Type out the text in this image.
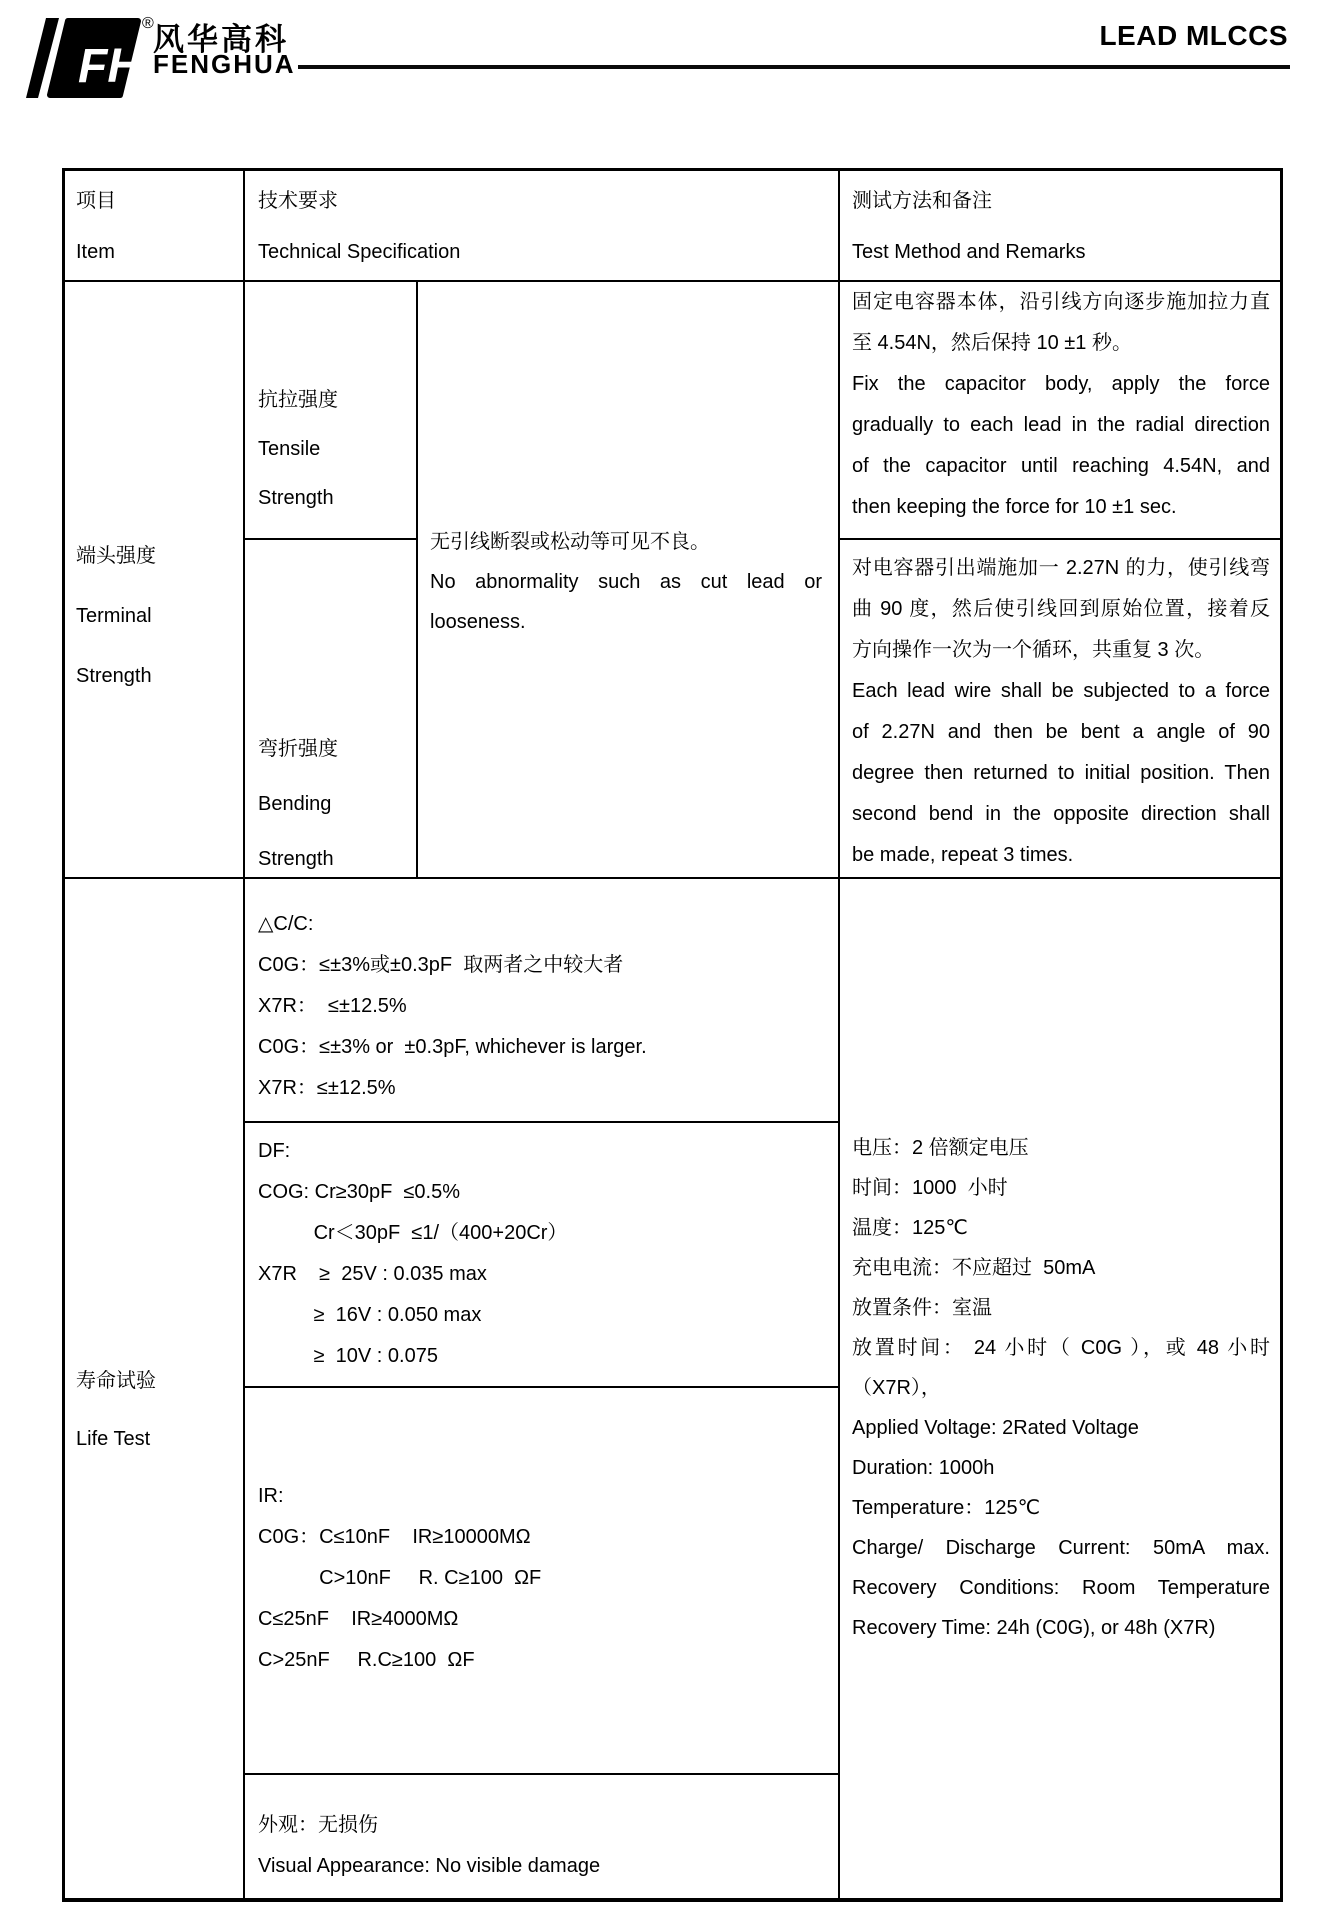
FH
® 风华高科
FENGHUA
LEAD MLCCS
项目
Item
技术要求
Technical Specification
测试方法和备注
Test Method and Remarks
端头强度
Terminal
Strength
抗拉强度
Tensile
Strength
弯折强度
Bending
Strength
无引线断裂或松动等可见不良。
No abnormality such as cut lead or
looseness.
固定电容器本体，沿引线方向逐步施加拉力直
至 4.54N，然后保持 10 ±1 秒。
Fix the capacitor body, apply the force
gradually to each lead in the radial direction
of the capacitor until reaching 4.54N, and
then keeping the force for 10 ±1 sec.
对电容器引出端施加一 2.27N 的力，使引线弯
曲 90 度，然后使引线回到原始位置，接着反
方向操作一次为一个循环，共重复 3 次。
Each lead wire shall be subjected to a force
of 2.27N and then be bent a angle of 90
degree then returned to initial position. Then
second bend in the opposite direction shall
be made, repeat 3 times.
寿命试验
Life Test
△C/C:
C0G：≤±3%或±0.3pF  取两者之中较大者
X7R：  ≤±12.5%
C0G：≤±3% or  ±0.3pF, whichever is larger.
X7R：≤±12.5%
DF:
COG: Cr≥30pF  ≤0.5%
Cr＜30pF  ≤1/（400+20Cr）
X7R    ≥  25V : 0.035 max
≥  16V : 0.050 max
≥  10V : 0.075
IR:
C0G：C≤10nF    IR≥10000MΩ
C>10nF     R. C≥100  ΩF
C≤25nF    IR≥4000MΩ
C>25nF     R.C≥100  ΩF
外观：无损伤
Visual Appearance: No visible damage
电压：2 倍额定电压
时间：1000  小时
温度：125℃
充电电流：不应超过  50mA
放置条件：室温
放置时间： 24 小时（ C0G ），或 48 小时
（X7R），
Applied Voltage: 2Rated Voltage
Duration: 1000h
Temperature：125℃
Charge/ Discharge Current: 50mA max.
Recovery Conditions: Room Temperature
Recovery Time: 24h (C0G), or 48h (X7R)
